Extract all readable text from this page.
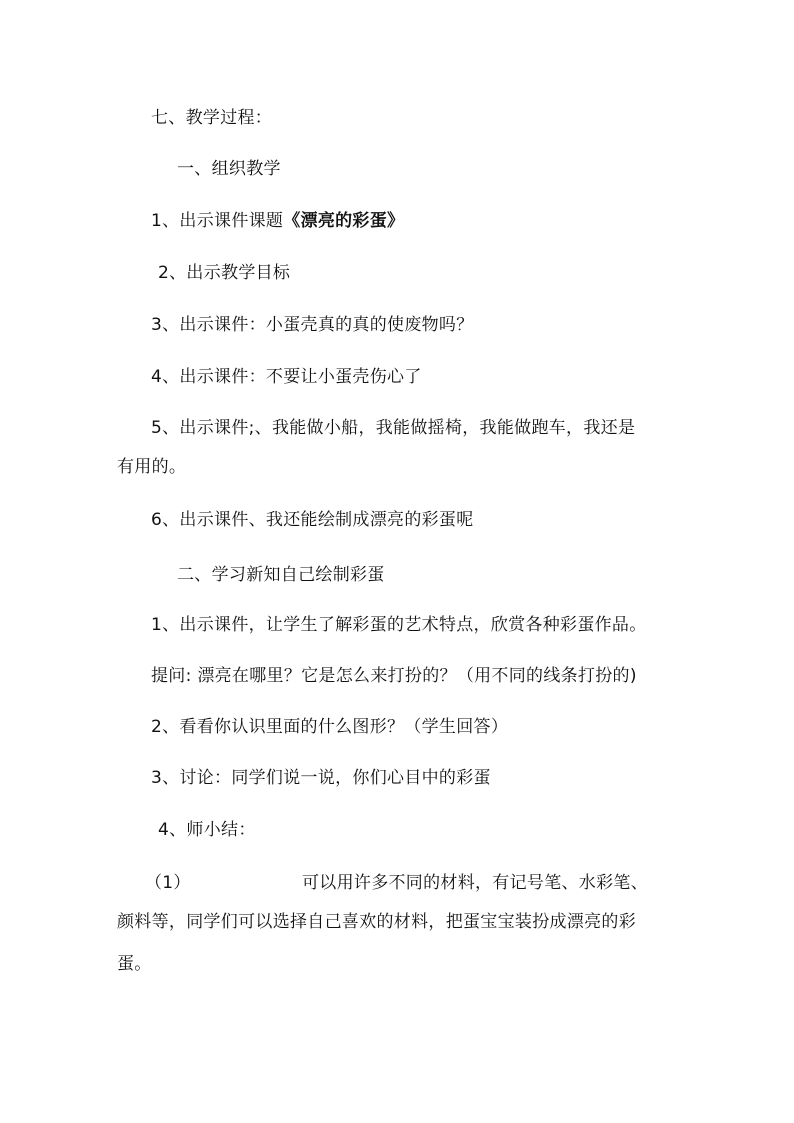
七、教学过程：
一、组织教学
1、出示课件课题《漂亮的彩蛋》
2、出示教学目标
3、出示课件：小蛋壳真的真的使废物吗？
4、出示课件：不要让小蛋壳伤心了
5、出示课件;、我能做小船，我能做摇椅，我能做跑车，我还是
有用的。
6、出示课件、我还能绘制成漂亮的彩蛋呢
二、学习新知自己绘制彩蛋
1、出示课件，让学生了解彩蛋的艺术特点，欣赏各种彩蛋作品。
提问: 漂亮在哪里？它是怎么来打扮的？（用不同的线条打扮的)
2、看看你认识里面的什么图形？（学生回答）
3、讨论：同学们说一说，你们心目中的彩蛋
4、师小结：
（1）	可以用许多不同的材料，有记号笔、水彩笔、
颜料等，同学们可以选择自己喜欢的材料，把蛋宝宝装扮成漂亮的彩
蛋。
